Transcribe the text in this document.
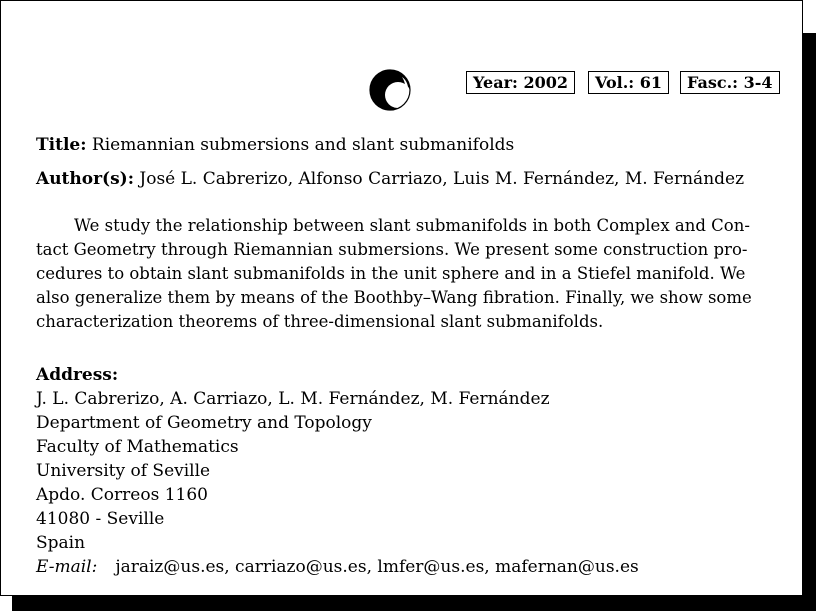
Year: 2002	Vol.: 61	Fasc.: 3-4
Title: Riemannian submersions and slant submanifolds
Author(s): José L. Cabrerizo, Alfonso Carriazo, Luis M. Fernández, M. Fernández
We study the relationship between slant submanifolds in both Complex and Con-
tact Geometry through Riemannian submersions. We present some construction pro-
cedures to obtain slant submanifolds in the unit sphere and in a Stiefel manifold. We
also generalize them by means of the Boothby–Wang fibration. Finally, we show some
characterization theorems of three-dimensional slant submanifolds.
Address:
J. L. Cabrerizo, A. Carriazo, L. M. Fernández, M. Fernández
Department of Geometry and Topology
Faculty of Mathematics
University of Seville
Apdo. Correos 1160
41080 - Seville
Spain
E-mail: jaraiz@us.es, carriazo@us.es, lmfer@us.es, mafernan@us.es
